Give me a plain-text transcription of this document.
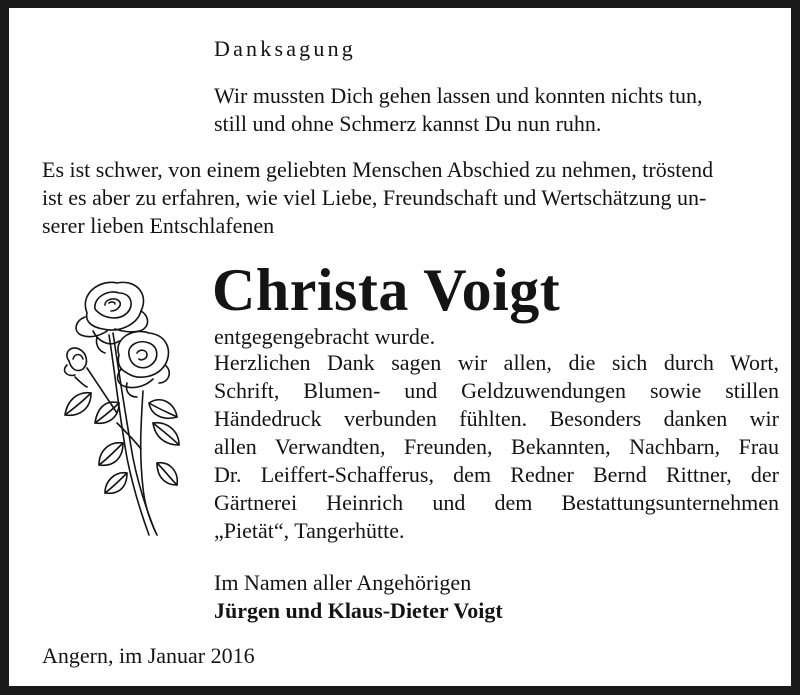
Danksagung
Wir mussten Dich gehen lassen und konnten nichts tun,
still und ohne Schmerz kannst Du nun ruhn.
Es ist schwer, von einem geliebten Menschen Abschied zu nehmen, tröstend
ist es aber zu erfahren, wie viel Liebe, Freundschaft und Wertschätzung un-
serer lieben Entschlafenen
Christa Voigt
entgegengebracht wurde.
Herzlichen Dank sagen wir allen, die sich durch Wort,
Schrift, Blumen- und Geldzuwendungen sowie stillen
Händedruck verbunden fühlten. Besonders danken wir
allen Verwandten, Freunden, Bekannten, Nachbarn, Frau
Dr. Leiffert-Schafferus, dem Redner Bernd Rittner, der
Gärtnerei Heinrich und dem Bestattungsunternehmen
„Pietät“, Tangerhütte.
Im Namen aller Angehörigen
Jürgen und Klaus-Dieter Voigt
Angern, im Januar 2016
